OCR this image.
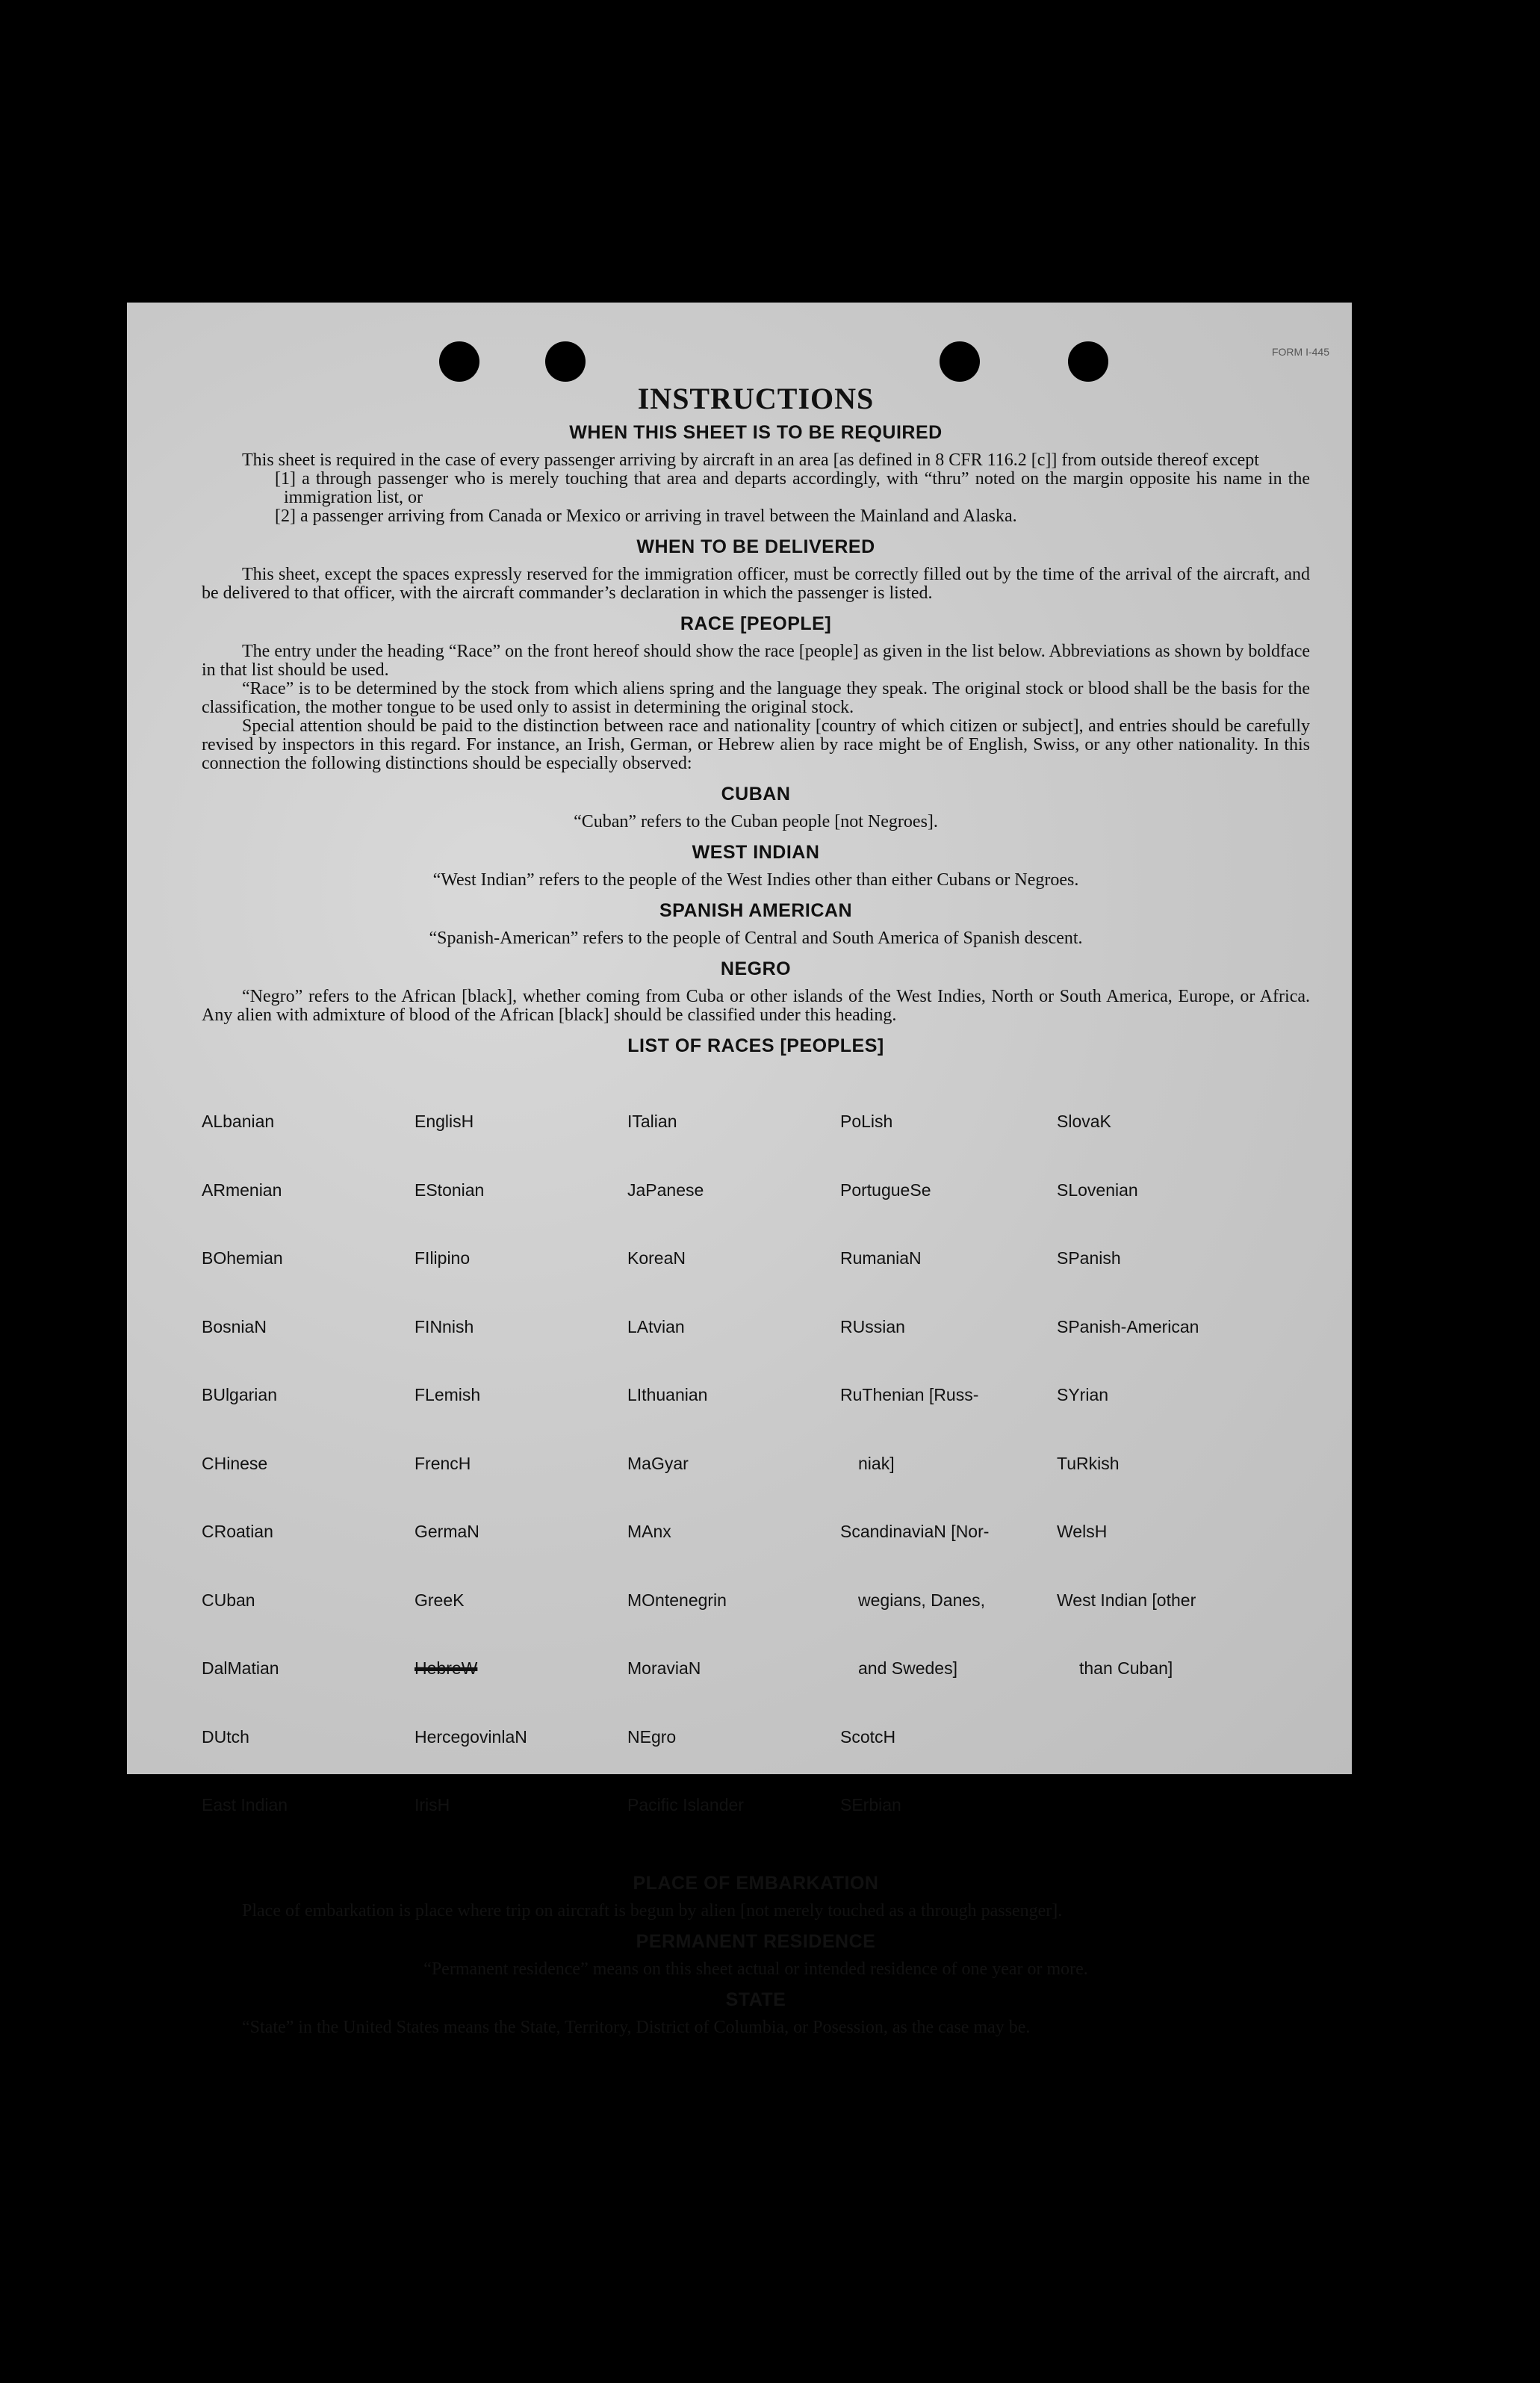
FORM I-445
INSTRUCTIONS
WHEN THIS SHEET IS TO BE REQUIRED

This sheet is required in the case of every passenger arriving by aircraft in an area [as defined in 8 CFR 116.2 [c]] from outside thereof except

[1] a through passenger who is merely touching that area and departs accordingly, with “thru” noted on the margin opposite his name in the immigration list, or

[2] a passenger arriving from Canada or Mexico or arriving in travel between the Mainland and Alaska.

WHEN TO BE DELIVERED

This sheet, except the spaces expressly reserved for the immigration officer, must be correctly filled out by the time of the arrival of the aircraft, and be delivered to that officer, with the aircraft commander’s declaration in which the passenger is listed.

RACE [PEOPLE]

The entry under the heading “Race” on the front hereof should show the race [people] as given in the list below. Abbreviations as shown by boldface in that list should be used.

“Race” is to be determined by the stock from which aliens spring and the language they speak. The original stock or blood shall be the basis for the classification, the mother tongue to be used only to assist in determining the original stock.

Special attention should be paid to the distinction between race and nationality [country of which citizen or subject], and entries should be carefully revised by inspectors in this regard. For instance, an Irish, German, or Hebrew alien by race might be of English, Swiss, or any other nationality. In this connection the following distinctions should be especially observed:

CUBAN

“Cuban” refers to the Cuban people [not Negroes].

WEST INDIAN

“West Indian” refers to the people of the West Indies other than either Cubans or Negroes.

SPANISH AMERICAN

“Spanish-American” refers to the people of Central and South America of Spanish descent.

NEGRO

“Negro” refers to the African [black], whether coming from Cuba or other islands of the West Indies, North or South America, Europe, or Africa. Any alien with admixture of blood of the African [black] should be classified under this heading.

LIST OF RACES [PEOPLES]

ALbanian

ARmenian

BOhemian

BosniaN

BUlgarian

CHinese

CRoatian

CUban

DalMatian

DUtch

East Indian

EnglisH

EStonian

FIlipino

FINnish

FLemish

FrencH

GermaN

GreeK

HebreW

HercegovinlaN

IrisH

ITalian

JaPanese

KoreaN

LAtvian

LIthuanian

MaGyar

MAnx

MOntenegrin

MoraviaN

NEgro

Pacific Islander

PoLish

PortugueSe

RumaniaN

RUssian

RuThenian [Russ-

niak]

ScandinaviaN [Nor-

wegians, Danes,

and Swedes]

ScotcH

SErbian

SlovaK

SLovenian

SPanish

SPanish-American

SYrian

TuRkish

WelsH

West Indian [other

than Cuban]

PLACE OF EMBARKATION

Place of embarkation is place where trip on aircraft is begun by alien [not merely touched as a through passenger].

PERMANENT RESIDENCE

“Permanent residence” means on this sheet actual or intended residence of one year or more.

STATE

“State” in the United States means the State, Territory, District of Columbia, or Posession, as the case may be.
